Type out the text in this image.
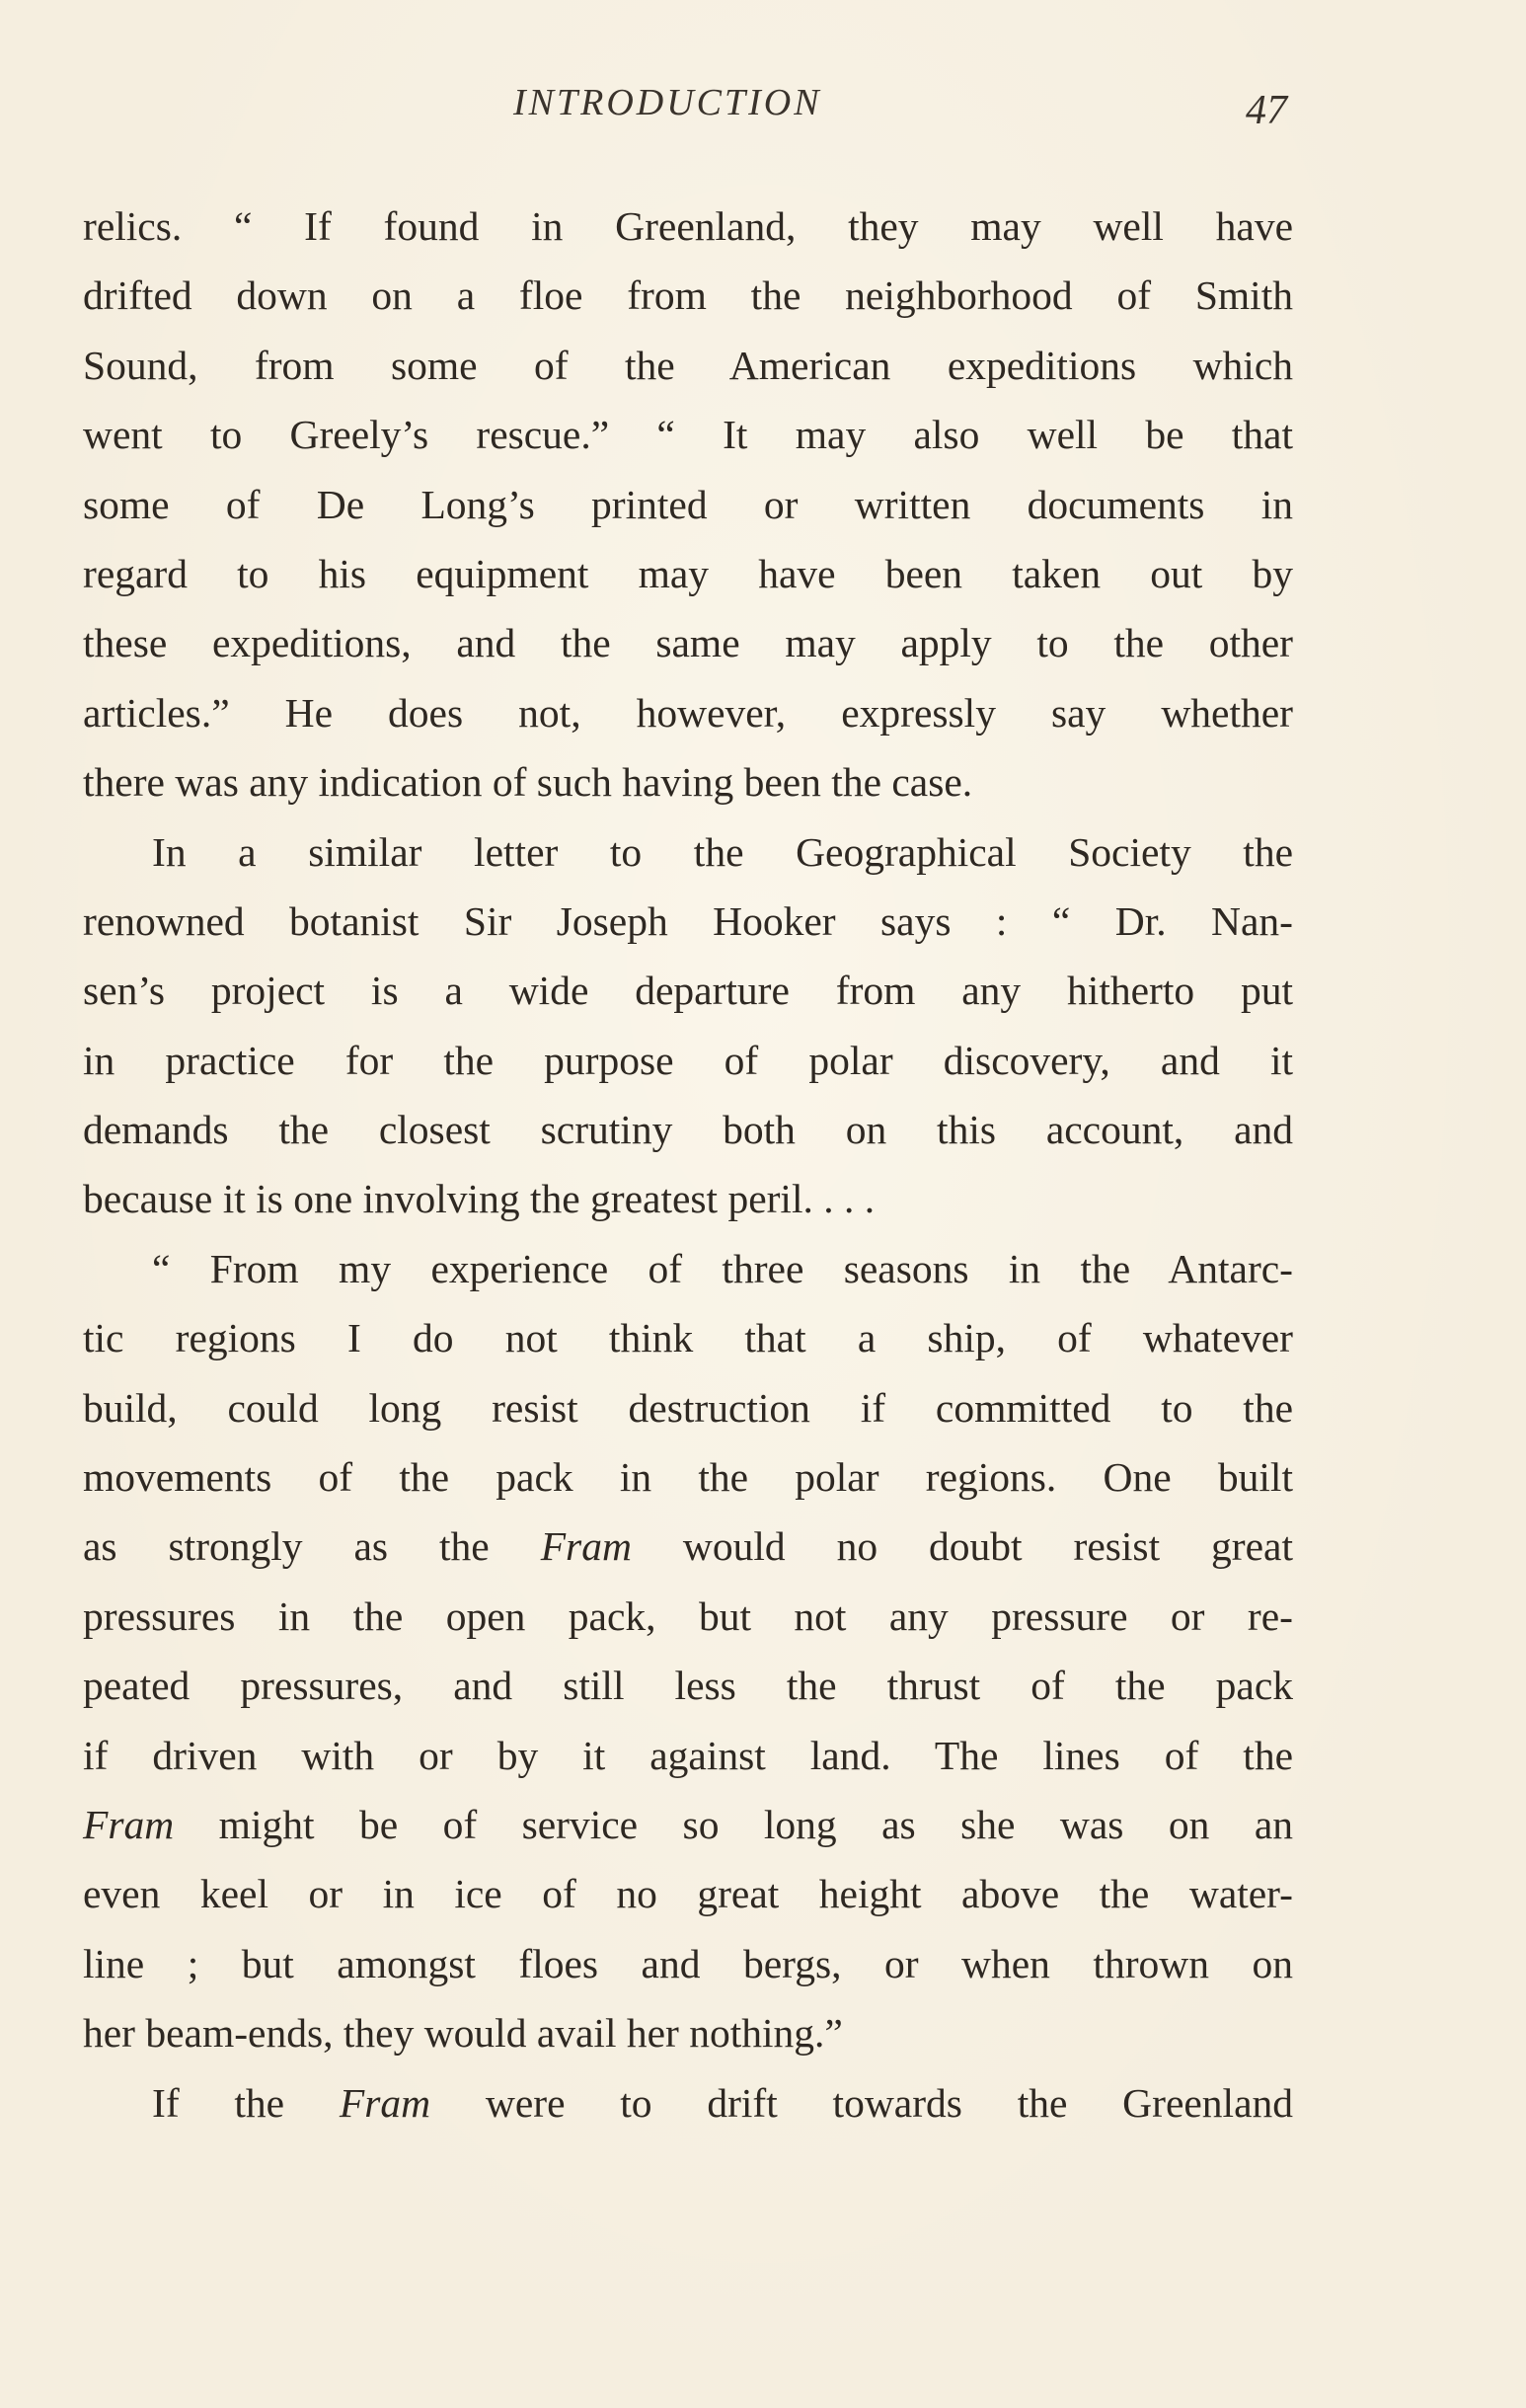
INTRODUCTION	47
relics. “ If found in Greenland, they may well have
drifted down on a floe from the neighborhood of Smith
Sound, from some of the American expeditions which
went to Greely’s rescue.” “ It may also well be that
some of De Long’s printed or written documents in
regard to his equipment may have been taken out by
these expeditions, and the same may apply to the other
articles.” He does not, however, expressly say whether
there was any indication of such having been the case.
In a similar letter to the Geographical Society the
renowned botanist Sir Joseph Hooker says : “ Dr. Nan-
sen’s project is a wide departure from any hitherto put
in practice for the purpose of polar discovery, and it
demands the closest scrutiny both on this account, and
because it is one involving the greatest peril. . . .
“ From my experience of three seasons in the Antarc-
tic regions I do not think that a ship, of whatever
build, could long resist destruction if committed to the
movements of the pack in the polar regions. One built
as strongly as the Fram would no doubt resist great
pressures in the open pack, but not any pressure or re-
peated pressures, and still less the thrust of the pack
if driven with or by it against land. The lines of the
Fram might be of service so long as she was on an
even keel or in ice of no great height above the water-
line ; but amongst floes and bergs, or when thrown on
her beam-ends, they would avail her nothing.”
If the Fram were to drift towards the Greenland
